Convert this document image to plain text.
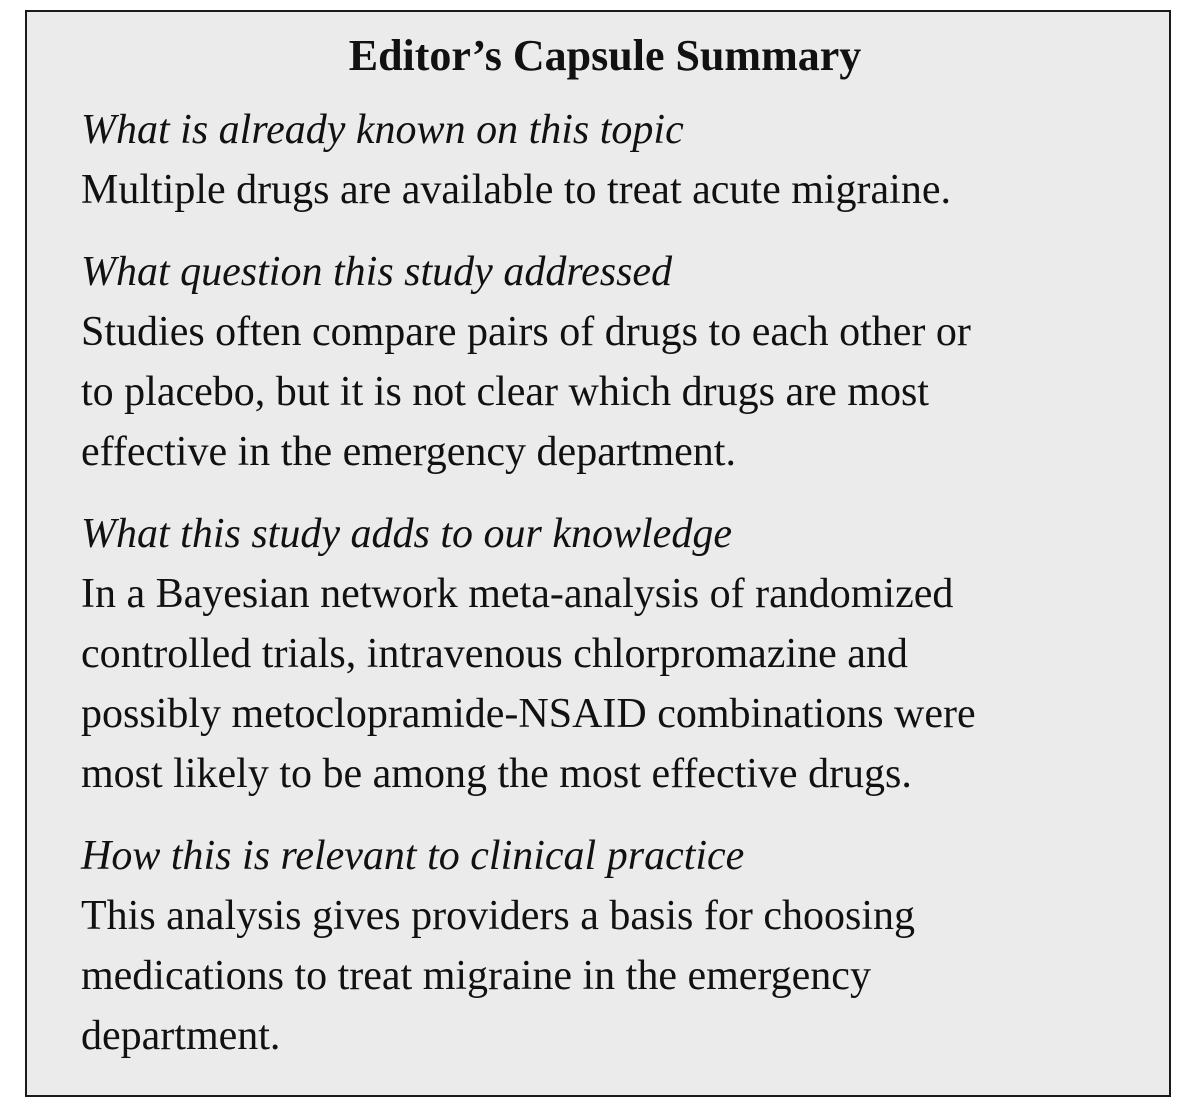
Editor’s Capsule Summary

What is already known on this topic

Multiple drugs are available to treat acute migraine.

What question this study addressed

Studies often compare pairs of drugs to each other or
to placebo, but it is not clear which drugs are most
effective in the emergency department.

What this study adds to our knowledge

In a Bayesian network meta-analysis of randomized
controlled trials, intravenous chlorpromazine and
possibly metoclopramide-NSAID combinations were
most likely to be among the most effective drugs.

How this is relevant to clinical practice

This analysis gives providers a basis for choosing
medications to treat migraine in the emergency
department.
